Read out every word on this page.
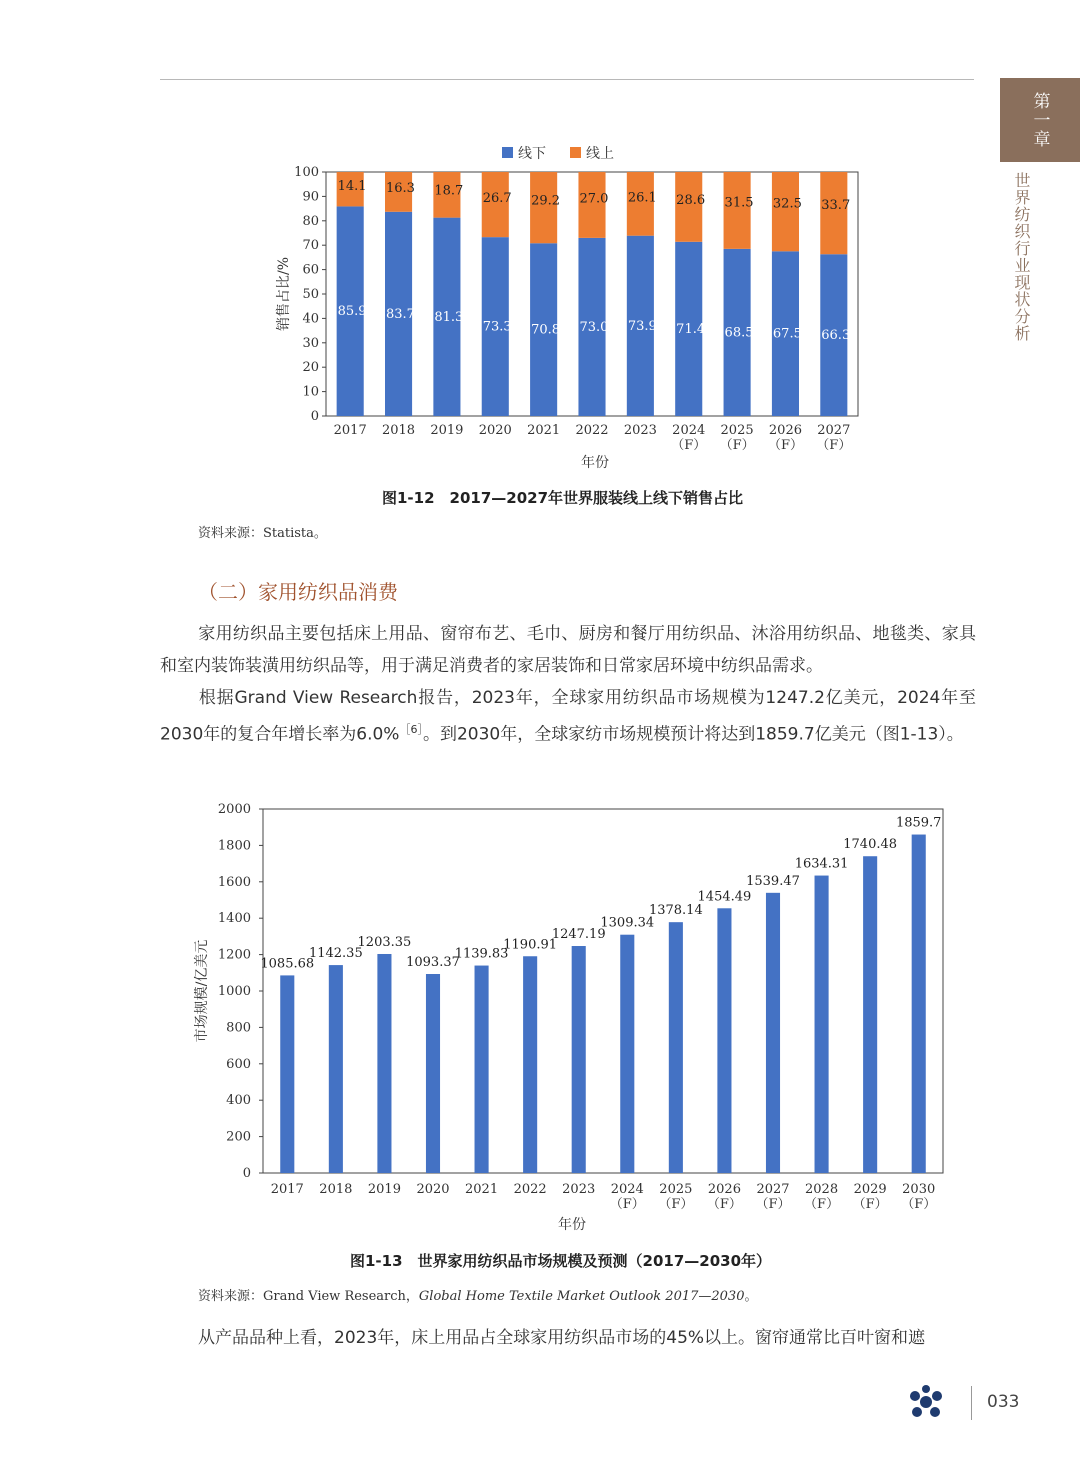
第一章
世界纺织行业现状分析
线下	线上
0
10
20
30
40
50
60
70
80
90
100
85.9
14.1
83.7
16.3
81.3
18.7
73.3
26.7
70.8
29.2
73.0
27.0
73.9
26.1
71.4
28.6
68.5
31.5
67.5
32.5
66.3
33.7
2017 2018 2019 2020 2021 2022 2023 2024 （F）
2025 （F）
2026 （F）
2027 （F）
年份
销售占比/%
图1-12　2017—2027年世界服装线上线下销售占比
资料来源：Statista。
（二）家用纺织品消费
家用纺织品主要包括床上用品、窗帘布艺、毛巾、厨房和餐厅用纺织品、沐浴用纺织品、地毯类、家具和室内装饰装潢用纺织品等，用于满足消费者的家居装饰和日常家居环境中纺织品需求。
根据Grand View Research报告，2023年，全球家用纺织品市场规模为1247.2亿美元，2024年至2030年的复合年增长率为6.0%$^{[6]}$。到2030年，全球家纺市场规模预计将达到1859.7亿美元（图1-13）。
0
200
400
600
800
1000
1200
1400
1600
1800
2000
1085.68
1142.35
1203.35
1093.37
1139.83
1190.91
1247.19
1309.34
1378.14
1454.49
1539.47
1634.31
1740.48
1859.7
2017 2018 2019 2020 2021 2022 2023 2024 （F）
2025 （F）
2026 （F）
2027 （F）
2028 （F）
2029 （F）
2030 （F）
年份
市场规模/亿美元
图1-13　世界家用纺织品市场规模及预测（2017—2030年）
资料来源：Grand View Research，Global Home Textile Market Outlook 2017—2030。
从产品品种上看，2023年，床上用品占全球家用纺织品市场的45%以上。窗帘通常比百叶窗和遮
033
